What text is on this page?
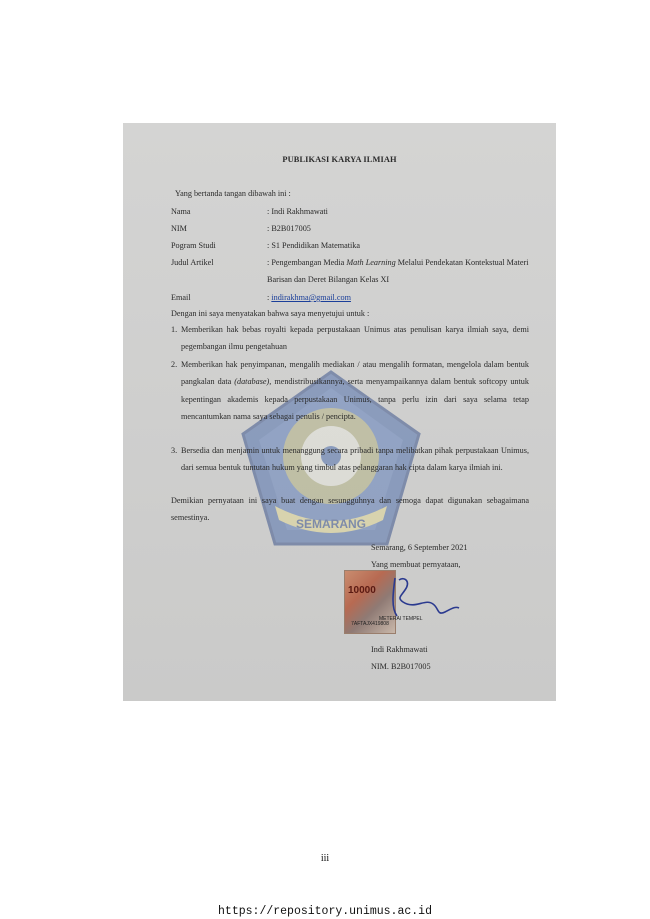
SEMARANG
PUBLIKASI KARYA ILMIAH
Yang bertanda tangan dibawah ini :
Nama	: Indi Rakhmawati
NIM	: B2B017005
Pogram Studi	: S1 Pendidikan Matematika
Judul Artikel	: Pengembangan Media Math Learning Melalui Pendekatan Kontekstual Materi Barisan dan Deret Bilangan Kelas XI
Email	: indirakhma@gmail.com
Dengan ini saya menyatakan bahwa saya menyetujui untuk :
1. Memberikan hak bebas royalti kepada perpustakaan Unimus atas penulisan karya ilmiah saya, demi pegembangan ilmu pengetahuan
2. Memberikan hak penyimpanan, mengalih mediakan / atau mengalih formatan, mengelola dalam bentuk pangkalan data (database), mendistribusikannya, serta menyampaikannya dalam bentuk softcopy untuk kepentingan akademis kepada perpustakaan Unimus, tanpa perlu izin dari saya selama tetap mencantumkan nama saya sebagai penulis / pencipta.
3. Bersedia dan menjamin untuk menanggung secara pribadi tanpa melibatkan pihak perpustakaan Unimus, dari semua bentuk tuntutan hukum yang timbul atas pelanggaran hak cipta dalam karya ilmiah ini.
Demikian pernyataan ini saya buat dengan sesungguhnya dan semoga dapat digunakan sebagaimana semestinya.
Semarang, 6 September 2021
Yang membuat pernyataan,
10000
7AFTAJX419808
METERAI TEMPEL
Indi Rakhmawati
NIM. B2B017005
iii
https://repository.unimus.ac.id
